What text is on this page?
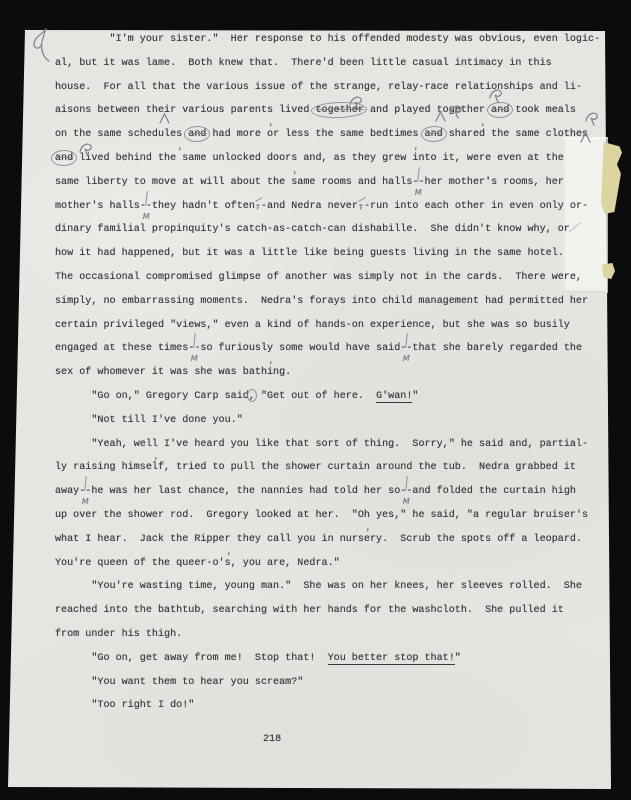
"I'm your sister."  Her response to his offended modesty was obvious, even logic-
al, but it was lame.  Both knew that.  There'd been little casual intimacy in this
house.  For all that the various issue of the strange, relay-race relationships and li-
aisons between their various parents lived together and played together and took meals
on the same schedules and had more or less the same bedtimes and shared the same clothes
and lived behind the same unlocked doors and, as they grew into it, were even at the
same liberty to move at will about the same rooms and halls-- Mher mother's rooms, her
mother's halls-- Mthey hadn't often-- ‚and Nedra never-- ‚run into each other in even only or-
dinary familial propinquity's catch-as-catch-can dishabille.  She didn't know why, or
how it had happened, but it was a little like being guests living in the same hotel.
The occasional compromised glimpse of another was simply not in the cards.  There were,
simply, no embarrassing moments.  Nedra's forays into child management had permitted her
certain privileged "views," even a kind of hands-on experience, but she was so busily
engaged at these times-- Mso furiously some would have said-- Mthat she barely regarded the
sex of whomever it was she was bathing.
"Go on," Gregory Carp said, "Get out of here.  G'wan!"
"Not till I've done you."
"Yeah, well I've heard you like that sort of thing.  Sorry," he said and, partial-
ly raising himself, tried to pull the shower curtain around the tub.  Nedra grabbed it
away-- Mhe was her last chance, the nannies had told her so-- Mand folded the curtain high
up over the shower rod.  Gregory looked at her.  "Oh yes," he said, "a regular bruiser's
what I hear.  Jack the Ripper they call you in nursery.  Scrub the spots off a leopard.
You're queen of the queer-o's, you are, Nedra."
"You're wasting time, young man."  She was on her knees, her sleeves rolled.  She
reached into the bathtub, searching with her hands for the washcloth.  She pulled it
from under his thigh.
"Go on, get away from me!  Stop that!  You better stop that!"
"You want them to hear you scream?"
"Too right I do!"
218
